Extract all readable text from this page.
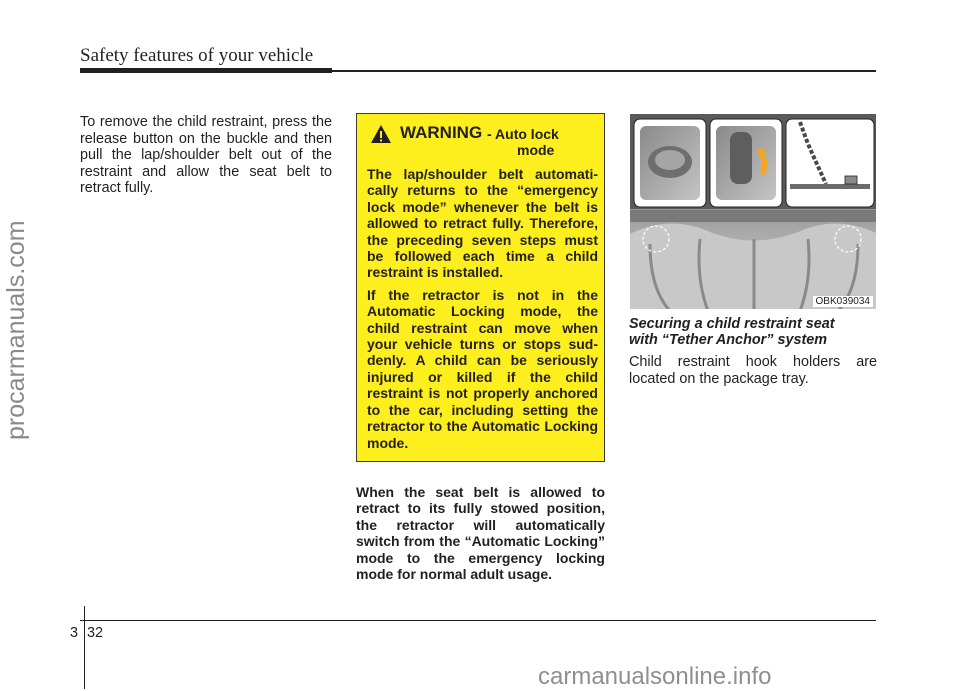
Safety features of your vehicle
procarmanuals.com
To remove the child restraint, press the release button on the buckle and then pull the lap/shoulder belt out of the restraint and allow the seat belt to retract fully.
WARNING - Auto lock
mode

The lap/shoulder belt automati-cally returns to the “emergency lock mode” whenever the belt is allowed to retract fully. Therefore, the preceding seven steps must be followed each time a child restraint is installed.

If the retractor is not in the Automatic Locking mode, the child restraint can move when your vehicle turns or stops sud-denly. A child can be seriously injured or killed if the child restraint is not properly anchored to the car, including setting the retractor to the Automatic Locking mode.

When the seat belt is allowed to retract to its fully stowed position, the retractor will automatically switch from the “Automatic Locking” mode to the emergency locking mode for normal adult usage.
OBK039034
Securing a child restraint seat
with “Tether Anchor” system
Child restraint hook holders are located on the package tray.
3 32
carmanualsonline.info
